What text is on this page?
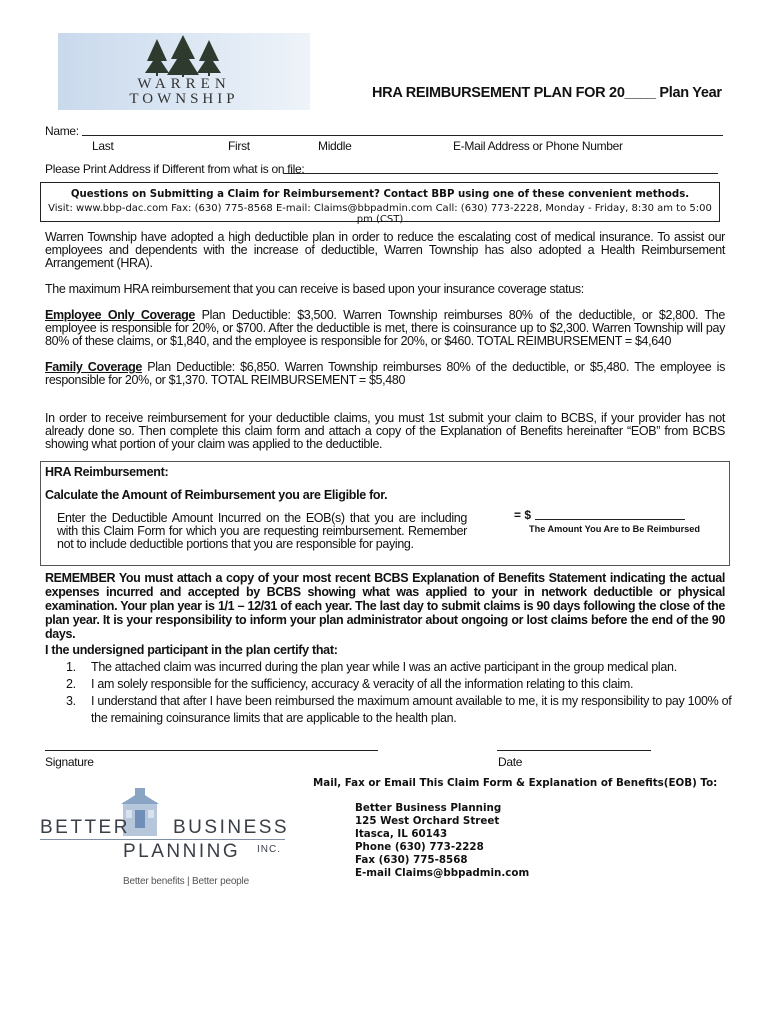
WARREN
TOWNSHIP	HRA REIMBURSEMENT PLAN FOR 20____ Plan Year
Name:
Last	First	Middle	E-Mail Address or Phone Number
Please Print Address if Different from what is on file:
Questions on Submitting a Claim for Reimbursement? Contact BBP using one of these convenient methods.
Visit: www.bbp-dac.com Fax: (630) 775-8568 E-mail: Claims@bbpadmin.com Call: (630) 773-2228, Monday - Friday, 8:30 am to 5:00 pm (CST)
Warren Township have adopted a high deductible plan in order to reduce the escalating cost of medical insurance. To assist our employees and dependents with the increase of deductible, Warren Township has also adopted a Health Reimbursement Arrangement (HRA).
The maximum HRA reimbursement that you can receive is based upon your insurance coverage status:
Employee Only Coverage Plan Deductible: $3,500. Warren Township reimburses 80% of the deductible, or $2,800. The employee is responsible for 20%, or $700. After the deductible is met, there is coinsurance up to $2,300. Warren Township will pay 80% of these claims, or $1,840, and the employee is responsible for 20%, or $460. TOTAL REIMBURSEMENT = $4,640
Family Coverage Plan Deductible: $6,850. Warren Township reimburses 80% of the deductible, or $5,480. The employee is responsible for 20%, or $1,370. TOTAL REIMBURSEMENT = $5,480
In order to receive reimbursement for your deductible claims, you must 1st submit your claim to BCBS, if your provider has not already done so. Then complete this claim form and attach a copy of the Explanation of Benefits hereinafter “EOB” from BCBS showing what portion of your claim was applied to the deductible.
HRA Reimbursement:
Calculate the Amount of Reimbursement you are Eligible for.
Enter the Deductible Amount Incurred on the EOB(s) that you are including with this Claim Form for which you are requesting reimbursement. Remember not to include deductible portions that you are responsible for paying.
= $
The Amount You Are to Be Reimbursed
REMEMBER You must attach a copy of your most recent BCBS Explanation of Benefits Statement indicating the actual expenses incurred and accepted by BCBS showing what was applied to your in network deductible or physical examination. Your plan year is 1/1 – 12/31 of each year. The last day to submit claims is 90 days following the close of the plan year. It is your responsibility to inform your plan administrator about ongoing or lost claims before the end of the 90 days.
I the undersigned participant in the plan certify that:
1. The attached claim was incurred during the plan year while I was an active participant in the group medical plan.
2. I am solely responsible for the sufficiency, accuracy & veracity of all the information relating to this claim.
3. I understand that after I have been reimbursed the maximum amount available to me, it is my responsibility to pay 100% of
the remaining coinsurance limits that are applicable to the health plan.
Signature	Date
Mail, Fax or Email This Claim Form & Explanation of Benefits(EOB) To:
BETTER BUSINESS
PLANNING INC.
Better benefits | Better people
Better Business Planning
125 West Orchard Street
Itasca, IL 60143
Phone (630) 773-2228
Fax (630) 775-8568
E-mail Claims@bbpadmin.com
